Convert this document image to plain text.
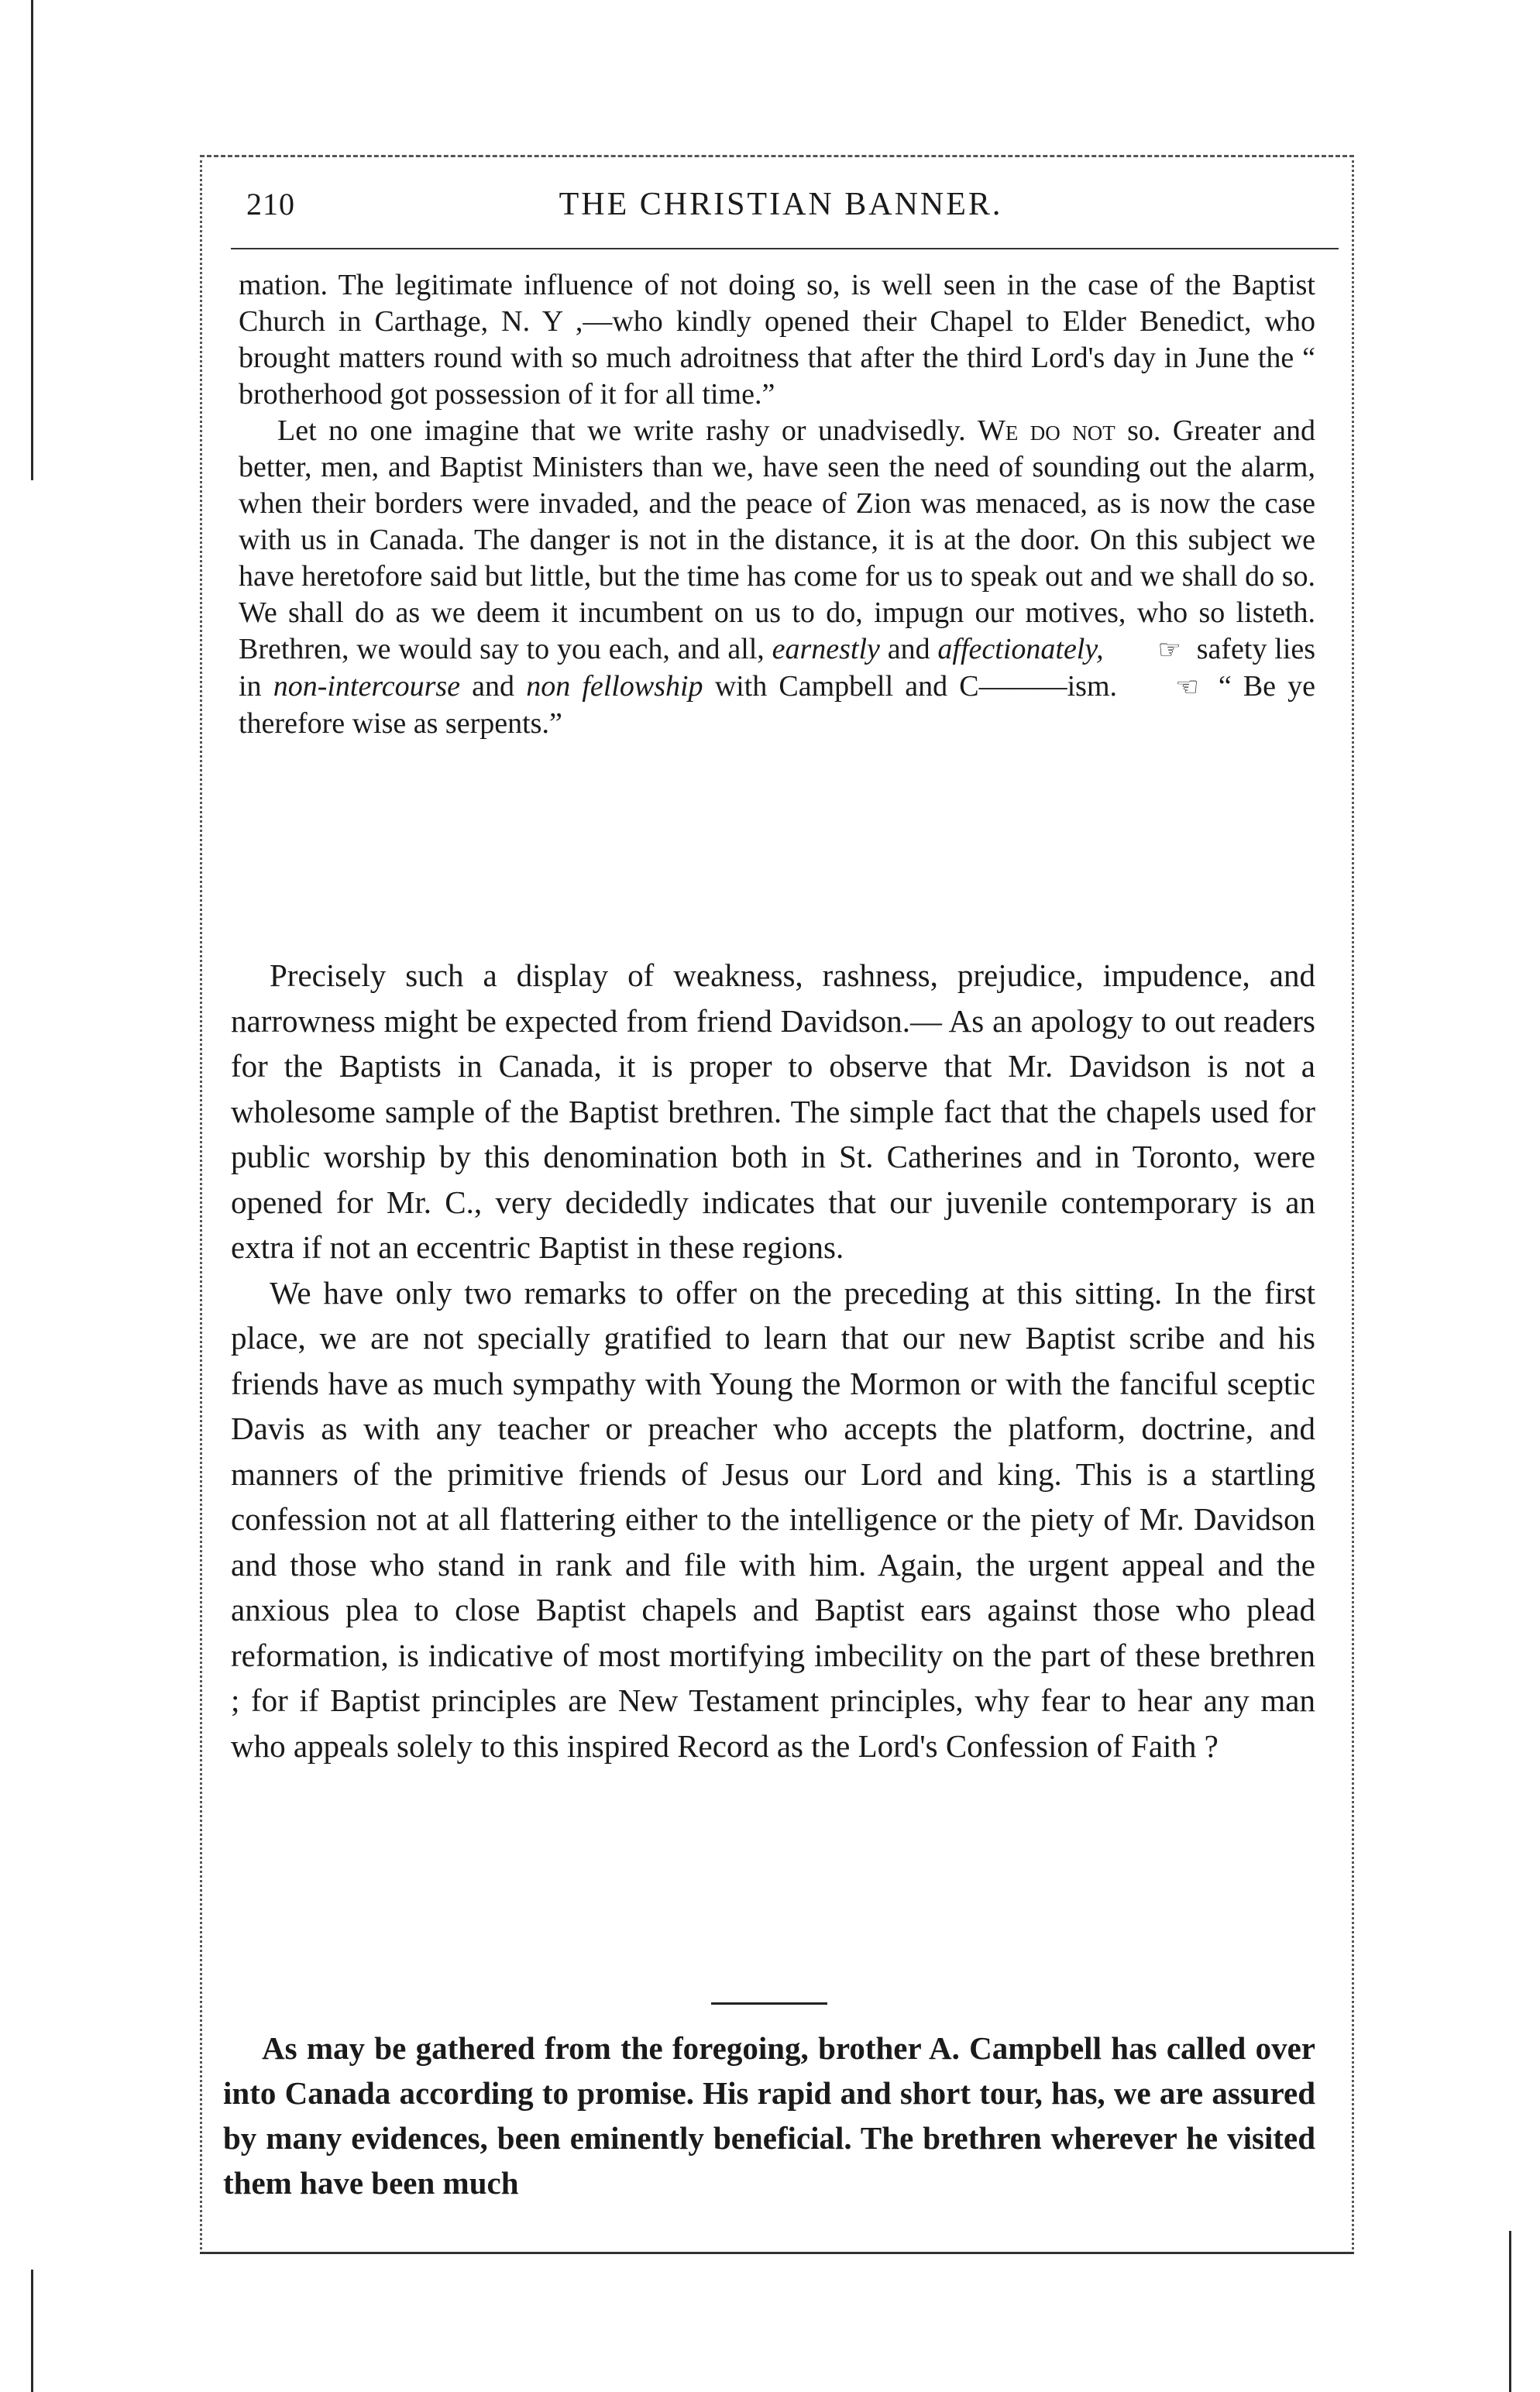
210	THE CHRISTIAN BANNER.

mation. The legitimate influence of not doing so, is well seen in the case of the Baptist Church in Carthage, N. Y ,—who kindly opened their Chapel to Elder Benedict, who brought matters round with so much adroitness that after the third Lord's day in June the “ brotherhood got possession of it for all time.”

Let no one imagine that we write rashy or unadvisedly. We do not so. Greater and better, men, and Baptist Ministers than we, have seen the need of sounding out the alarm, when their borders were invaded, and the peace of Zion was menaced, as is now the case with us in Canada. The danger is not in the distance, it is at the door. On this subject we have heretofore said but little, but the time has come for us to speak out and we shall do so. We shall do as we deem it incumbent on us to do, impugn our motives, who so listeth. Brethren, we would say to you each, and all, earnestly and affectionately, ☞ safety lies in non-intercourse and non fellowship with Campbell and C———ism. ☜ “ Be ye therefore wise as serpents.”

Precisely such a display of weakness, rashness, prejudice, impudence, and narrowness might be expected from friend Davidson.— As an apology to out readers for the Baptists in Canada, it is proper to observe that Mr. Davidson is not a wholesome sample of the Baptist brethren. The simple fact that the chapels used for public worship by this denomination both in St. Catherines and in Toronto, were opened for Mr. C., very decidedly indicates that our juvenile contemporary is an extra if not an eccentric Baptist in these regions.

We have only two remarks to offer on the preceding at this sitting. In the first place, we are not specially gratified to learn that our new Baptist scribe and his friends have as much sympathy with Young the Mormon or with the fanciful sceptic Davis as with any teacher or preacher who accepts the platform, doctrine, and manners of the primitive friends of Jesus our Lord and king. This is a startling confession not at all flattering either to the intelligence or the piety of Mr. Davidson and those who stand in rank and file with him. Again, the urgent appeal and the anxious plea to close Baptist chapels and Baptist ears against those who plead reformation, is indicative of most mortifying imbecility on the part of these brethren ; for if Baptist principles are New Testament principles, why fear to hear any man who appeals solely to this inspired Record as the Lord's Confession of Faith ?

As may be gathered from the foregoing, brother A. Campbell has called over into Canada according to promise. His rapid and short tour, has, we are assured by many evidences, been eminently beneficial. The brethren wherever he visited them have been much
